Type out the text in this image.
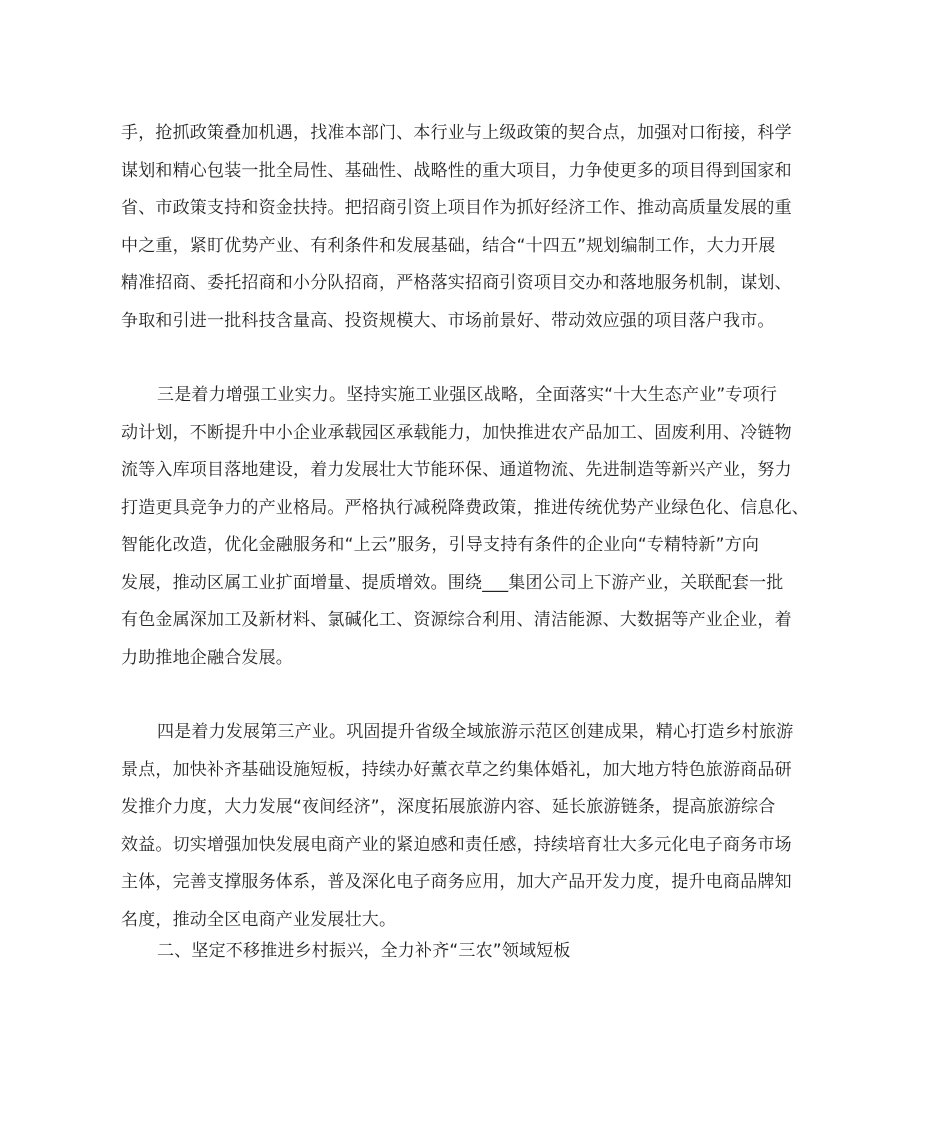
手，抢抓政策叠加机遇，找准本部门、本行业与上级政策的契合点，加强对口衔接，科学
谋划和精心包装一批全局性、基础性、战略性的重大项目，力争使更多的项目得到国家和
省、市政策支持和资金扶持。把招商引资上项目作为抓好经济工作、推动高质量发展的重
中之重，紧盯优势产业、有利条件和发展基础，结合“十四五”规划编制工作，大力开展
精准招商、委托招商和小分队招商，严格落实招商引资项目交办和落地服务机制，谋划、
争取和引进一批科技含量高、投资规模大、市场前景好、带动效应强的项目落户我市。
三是着力增强工业实力。坚持实施工业强区战略，全面落实“十大生态产业”专项行
动计划，不断提升中小企业承载园区承载能力，加快推进农产品加工、固废利用、冷链物
流等入库项目落地建设，着力发展壮大节能环保、通道物流、先进制造等新兴产业，努力
打造更具竞争力的产业格局。严格执行减税降费政策，推进传统优势产业绿色化、信息化、
智能化改造，优化金融服务和“上云”服务，引导支持有条件的企业向“专精特新”方向
发展，推动区属工业扩面增量、提质增效。围绕___集团公司上下游产业，关联配套一批
有色金属深加工及新材料、氯碱化工、资源综合利用、清洁能源、大数据等产业企业，着
力助推地企融合发展。
四是着力发展第三产业。巩固提升省级全域旅游示范区创建成果，精心打造乡村旅游
景点，加快补齐基础设施短板，持续办好薰衣草之约集体婚礼，加大地方特色旅游商品研
发推介力度，大力发展“夜间经济”，深度拓展旅游内容、延长旅游链条，提高旅游综合
效益。切实增强加快发展电商产业的紧迫感和责任感，持续培育壮大多元化电子商务市场
主体，完善支撑服务体系，普及深化电子商务应用，加大产品开发力度，提升电商品牌知
名度，推动全区电商产业发展壮大。
二、坚定不移推进乡村振兴，全力补齐“三农”领域短板
